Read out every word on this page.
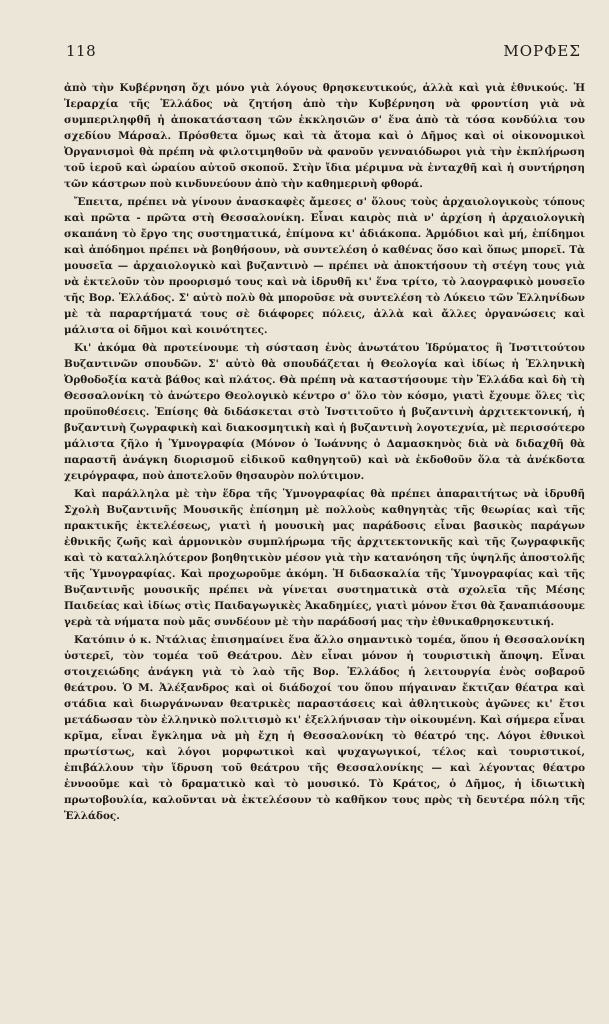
118	ΜΟΡΦΕΣ

ἀπὸ τὴν Κυβέρνηση ὄχι μόνο γιὰ λόγους θρησκευτικούς, ἀλλὰ καὶ γιὰ ἐθνικούς. Ἡ Ἱεραρχία τῆς Ἑλλάδος νὰ ζητήση ἀπὸ τὴν Κυβέρνηση νὰ φροντίση γιὰ νὰ συμπεριληφθῆ ἡ ἀποκατάσταση τῶν ἐκκλησιῶν σ' ἕνα ἀπὸ τὰ τόσα κονδύλια του σχεδίου Μάρσαλ. Πρόσθετα ὅμως καὶ τὰ ἄτομα καὶ ὁ Δῆμος καὶ οἱ οἰκονομικοὶ Ὀργανισμοὶ θὰ πρέπη νὰ φιλοτιμηθοῦν νὰ φανοῦν γενναιόδωροι γιὰ τὴν ἐκπλήρωση τοῦ ἱεροῦ καὶ ὡραίου αὐτοῦ σκοποῦ. Στὴν ἴδια μέριμνα νὰ ἐνταχθῆ καὶ ἡ συντήρηση τῶν κάστρων ποὺ κινδυνεύουν ἀπὸ τὴν καθημερινὴ φθορά.

Ἔπειτα, πρέπει νὰ γίνουν ἀνασκαφὲς ἄμεσες σ' ὅλους τοὺς ἀρχαιολογικοὺς τόπους καὶ πρῶτα - πρῶτα στὴ Θεσσαλονίκη. Εἶναι καιρὸς πιὰ ν' ἀρχίση ἡ ἀρχαιολογικὴ σκαπάνη τὸ ἔργο της συστηματικά, ἐπίμονα κι' ἀδιάκοπα. Ἁρμόδιοι καὶ μή, ἐπίδημοι καὶ ἀπόδημοι πρέπει νὰ βοηθήσουν, νὰ συντελέση ὁ καθένας ὅσο καὶ ὅπως μπορεῖ. Τὰ μουσεῖα — ἀρχαιολογικὸ καὶ βυζαντινὸ — πρέπει νὰ ἀποκτήσουν τὴ στέγη τους γιὰ νὰ ἐκτελοῦν τὸν προορισμό τους καὶ νὰ ἱδρυθῆ κι' ἕνα τρίτο, τὸ λαογραφικὸ μουσεῖο τῆς Βορ. Ἑλλάδος. Σ' αὐτὸ πολὺ θὰ μποροῦσε νὰ συντελέση τὸ Λύκειο τῶν Ἑλληνίδων μὲ τὰ παραρτήματά τους σὲ διάφορες πόλεις, ἀλλὰ καὶ ἄλλες ὀργανώσεις καὶ μάλιστα οἱ δῆμοι καὶ κοινότητες.

Κι' ἀκόμα θὰ προτείνουμε τὴ σύσταση ἑνὸς ἀνωτάτου Ἱδρύματος ἢ Ἰνστιτούτου Βυζαντινῶν σπουδῶν. Σ' αὐτὸ θὰ σπουδάζεται ἡ Θεολογία καὶ ἰδίως ἡ Ἑλληνικὴ Ὀρθοδοξία κατὰ βάθος καὶ πλάτος. Θὰ πρέπη νὰ καταστήσουμε τὴν Ἑλλάδα καὶ δὴ τὴ Θεσσαλονίκη τὸ ἀνώτερο Θεολογικὸ κέντρο σ' ὅλο τὸν κόσμο, γιατὶ ἔχουμε ὅλες τὶς προϋποθέσεις. Ἐπίσης θὰ διδάσκεται στὸ Ἰνστιτοῦτο ἡ βυζαντινὴ ἀρχιτεκτονική, ἡ βυζαντινὴ ζωγραφικὴ καὶ διακοσμητικὴ καὶ ἡ βυζαντινὴ λογοτεχνία, μὲ περισσότερο μάλιστα ζῆλο ἡ Ὑμνογραφία (Μόνον ὁ Ἰωάννης ὁ Δαμασκηνὸς διὰ νὰ διδαχθῆ θὰ παραστῆ ἀνάγκη διορισμοῦ εἰδικοῦ καθηγητοῦ) καὶ νὰ ἐκδοθοῦν ὅλα τὰ ἀνέκδοτα χειρόγραφα, ποὺ ἀποτελοῦν θησαυρὸν πολύτιμον.

Καὶ παράλληλα μὲ τὴν ἕδρα τῆς Ὑμνογραφίας θὰ πρέπει ἀπαραιτήτως νὰ ἱδρυθῆ Σχολὴ Βυζαντινῆς Μουσικῆς ἐπίσημη μὲ πολλοὺς καθηγητὰς τῆς θεωρίας καὶ τῆς πρακτικῆς ἐκτελέσεως, γιατὶ ἡ μουσικὴ μας παράδοσις εἶναι βασικὸς παράγων ἐθνικῆς ζωῆς καὶ ἁρμονικὸν συμπλήρωμα τῆς ἀρχιτεκτονικῆς καὶ τῆς ζωγραφικῆς καὶ τὸ καταλληλότερον βοηθητικὸν μέσον γιὰ τὴν κατανόηση τῆς ὑψηλῆς ἀποστολῆς τῆς Ὑμνογραφίας. Καὶ προχωροῦμε ἀκόμη. Ἡ διδασκαλία τῆς Ὑμνογραφίας καὶ τῆς Βυζαντινῆς μουσικῆς πρέπει νὰ γίνεται συστηματικὰ στὰ σχολεῖα τῆς Μέσης Παιδείας καὶ ἰδίως στὶς Παιδαγωγικὲς Ἀκαδημίες, γιατὶ μόνον ἔτσι θὰ ξαναπιάσουμε γερὰ τὰ νήματα ποὺ μᾶς συνδέουν μὲ τὴν παράδοσή μας τὴν ἐθνικαθρησκευτική.

Κατόπιν ὁ κ. Ντάλιας ἐπισημαίνει ἕνα ἄλλο σημαντικὸ τομέα, ὅπου ἡ Θεσσαλονίκη ὑστερεῖ, τὸν τομέα τοῦ Θεάτρου. Δὲν εἶναι μόνον ἡ τουριστικὴ ἄποψη. Εἶναι στοιχειώδης ἀνάγκη γιὰ τὸ λαὸ τῆς Βορ. Ἑλλάδος ἡ λειτουργία ἑνὸς σοβαροῦ θεάτρου. Ὁ Μ. Ἀλέξανδρος καὶ οἱ διάδοχοί του ὅπου πήγαιναν ἔκτιζαν θέατρα καὶ στάδια καὶ διωργάνωναν θεατρικὲς παραστάσεις καὶ ἀθλητικοὺς ἀγῶνες κι' ἔτσι μετάδωσαν τὸν ἑλληνικὸ πολιτισμὸ κι' ἐξελλήνισαν τὴν οἰκουμένη. Καὶ σήμερα εἶναι κρῖμα, εἶναι ἔγκλημα νὰ μὴ ἔχη ἡ Θεσσαλονίκη τὸ θέατρό της. Λόγοι ἐθνικοὶ πρωτίστως, καὶ λόγοι μορφωτικοὶ καὶ ψυχαγωγικοί, τέλος καὶ τουριστικοί, ἐπιβάλλουν τὴν ἵδρυση τοῦ θεάτρου τῆς Θεσσαλονίκης — καὶ λέγοντας θέατρο ἐννοοῦμε καὶ τὸ δραματικὸ καὶ τὸ μουσικό. Τὸ Κράτος, ὁ Δῆμος, ἡ ἰδιωτικὴ πρωτοβουλία, καλοῦνται νὰ ἐκτελέσουν τὸ καθῆκον τους πρὸς τὴ δευτέρα πόλη τῆς Ἑλλάδος.
